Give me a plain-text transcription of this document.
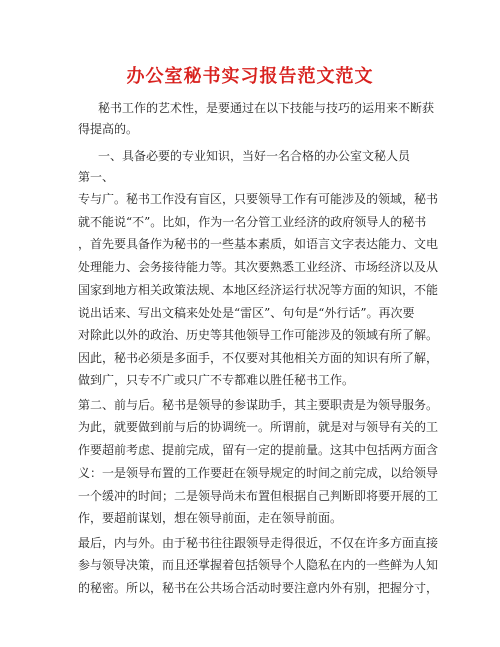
办公室秘书实习报告范文范文
秘书工作的艺术性，是要通过在以下技能与技巧的运用来不断获
得提高的。
一、具备必要的专业知识，当好一名合格的办公室文秘人员
第一、
专与广。秘书工作没有盲区，只要领导工作有可能涉及的领域，秘书
就不能说“不”。比如，作为一名分管工业经济的政府领导人的秘书
，首先要具备作为秘书的一些基本素质，如语言文字表达能力、文电
处理能力、会务接待能力等。其次要熟悉工业经济、市场经济以及从
国家到地方相关政策法规、本地区经济运行状况等方面的知识，不能
说出话来、写出文稿来处处是“雷区”、句句是“外行话”。再次要
对除此以外的政治、历史等其他领导工作可能涉及的领域有所了解。
因此，秘书必须是多面手，不仅要对其他相关方面的知识有所了解，
做到广，只专不广或只广不专都难以胜任秘书工作。
第二、前与后。秘书是领导的参谋助手，其主要职责是为领导服务。
为此，就要做到前与后的协调统一。所谓前，就是对与领导有关的工
作要超前考虑、提前完成，留有一定的提前量。这其中包括两方面含
义：一是领导布置的工作要赶在领导规定的时间之前完成，以给领导
一个缓冲的时间；二是领导尚未布置但根据自己判断即将要开展的工
作，要超前谋划，想在领导前面，走在领导前面。
最后，内与外。由于秘书往往跟领导走得很近，不仅在许多方面直接
参与领导决策，而且还掌握着包括领导个人隐私在内的一些鲜为人知
的秘密。所以，秘书在公共场合活动时要注意内外有别，把握分寸，
